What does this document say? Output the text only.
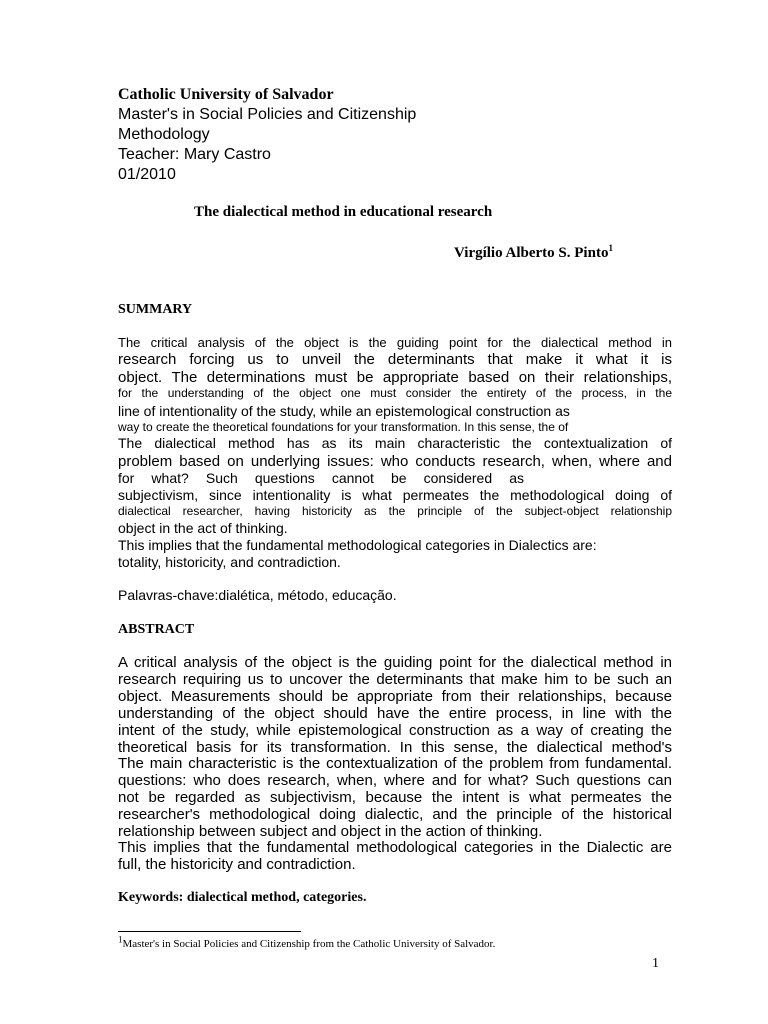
Catholic University of Salvador
Master's in Social Policies and Citizenship
Methodology
Teacher: Mary Castro
01/2010
The dialectical method in educational research
Virgílio Alberto S. Pinto$^1$
SUMMARY
The critical analysis of the object is the guiding point for the dialectical method in
research forcing us to unveil the determinants that make it what it is
object. The determinations must be appropriate based on their relationships,
for the understanding of the object one must consider the entirety of the process, in the
line of intentionality of the study, while an epistemological construction as
way to create the theoretical foundations for your transformation. In this sense, the of
The dialectical method has as its main characteristic the contextualization of
problem based on underlying issues: who conducts research, when, where and
for what? Such questions cannot be considered as
subjectivism, since intentionality is what permeates the methodological doing of
dialectical researcher, having historicity as the principle of the subject-object relationship
object in the act of thinking.
This implies that the fundamental methodological categories in Dialectics are:
totality, historicity, and contradiction.
Palavras-chave:dialética, método, educação.
ABSTRACT
A critical analysis of the object is the guiding point for the dialectical method in
research requiring us to uncover the determinants that make him to be such an
object. Measurements should be appropriate from their relationships, because
understanding of the object should have the entire process, in line with the
intent of the study, while epistemological construction as a way of creating the
theoretical basis for its transformation. In this sense, the dialectical method's
The main characteristic is the contextualization of the problem from fundamental.
questions: who does research, when, where and for what? Such questions can
not be regarded as subjectivism, because the intent is what permeates the
researcher's methodological doing dialectic, and the principle of the historical
relationship between subject and object in the action of thinking.
This implies that the fundamental methodological categories in the Dialectic are
full, the historicity and contradiction.
Keywords: dialectical method, categories.
$^1$Master's in Social Policies and Citizenship from the Catholic University of Salvador.
1
